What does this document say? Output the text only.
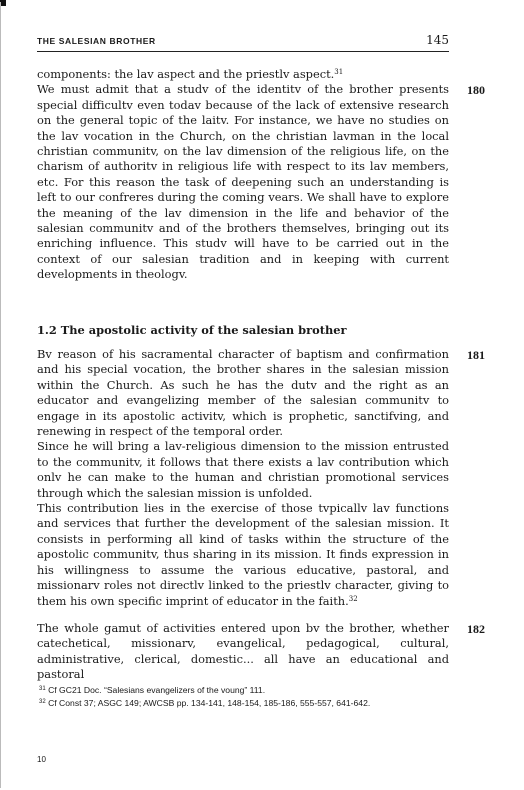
THE SALESIAN BROTHER	145

components: the lav aspect and the priestlv aspect.$^{31}$

180

We must admit that a studv of the identitv of the brother presents special difficultv even todav because of the lack of extensive research on the general topic of the laitv. For instance, we have no studies on the lav vocation in the Church, on the christian lavman in the local christian communitv, on the lav dimension of the religious life, on the charism of authoritv in religious life with respect to its lav members, etc. For this reason the task of deepening such an understanding is left to our confreres during the coming vears. We shall have to explore the meaning of the lav dimension in the life and behavior of the salesian communitv and of the brothers themselves, bringing out its enriching influence. This studv will have to be carried out in the context of our salesian tradition and in keeping with current developments in theologv.

1.2 The apostolic activity of the salesian brother
181

Bv reason of his sacramental character of baptism and confirmation and his special vocation, the brother shares in the salesian mission within the Church. As such he has the dutv and the right as an educator and evangelizing member of the salesian communitv to engage in its apostolic activitv, which is prophetic, sanctifving, and renewing in respect of the temporal order.

Since he will bring a lav-religious dimension to the mission entrusted to the communitv, it follows that there exists a lav contribution which onlv he can make to the human and christian promotional services through which the salesian mission is unfolded.

This contribution lies in the exercise of those tvpicallv lav functions and services that further the development of the salesian mission. It consists in performing all kind of tasks within the structure of the apostolic communitv, thus sharing in its mission. It finds expression in his willingness to assume the various educative, pastoral, and missionarv roles not directlv linked to the priestlv character, giving to them his own specific imprint of educator in the faith.$^{32}$

182

The whole gamut of activities entered upon bv the brother, whether catechetical, missionarv, evangelical, pedagogical, cultural, administrative, clerical, domestic... all have an educational and pastoral

$^{31}$ Cf GC21 Doc. “Salesians evangelizers of the voung” 111.
$^{32}$ Cf Const 37; ASGC 149; AWCSB pp. 134-141, 148-154, 185-186, 555-557, 641-642.
10
